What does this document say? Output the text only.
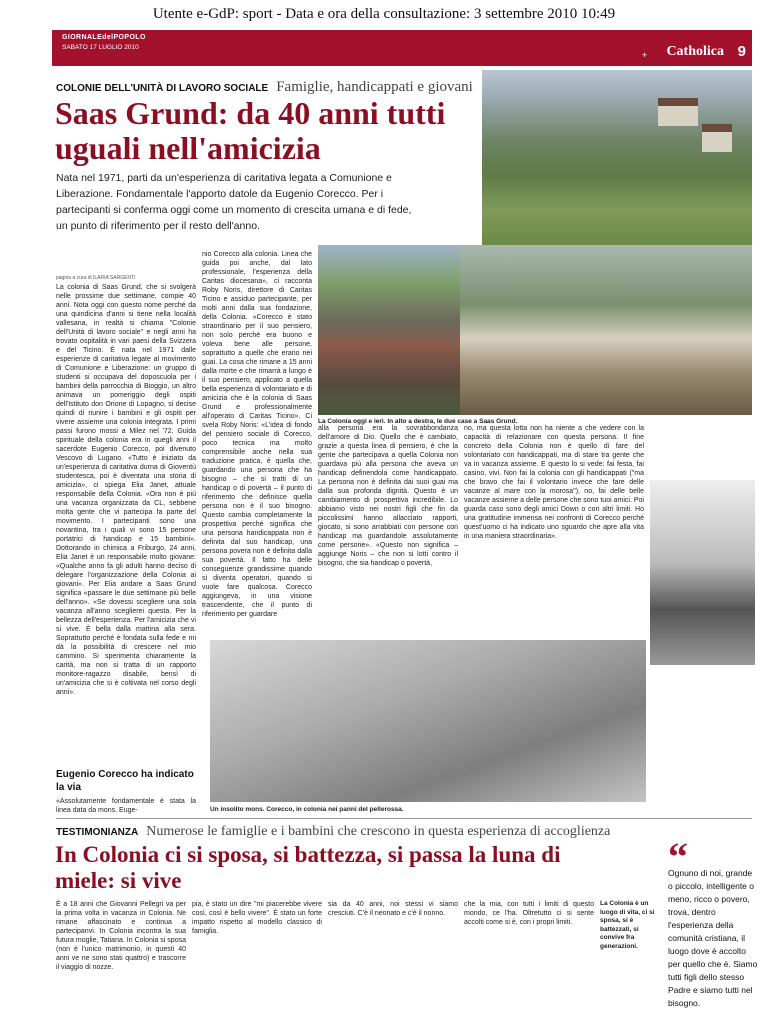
Utente e-GdP: sport - Data e ora della consultazione: 3 settembre 2010 10:49
GIORNALEdelPOPOLO
SABATO 17 LUGLIO 2010
+ Catholica 9
COLONIE DELL'UNITÀ DI LAVORO SOCIALE Famiglie, handicappati e giovani
Saas Grund: da 40 anni tutti uguali nell'amicizia

Nata nel 1971, parti da un'esperienza di caritativa legata a Comunione e Liberazione. Fondamentale l'apporto datole da Eugenio Corecco. Per i partecipanti si conferma oggi come un momento di crescita umana e di fede, un punto di riferimento per il resto dell'anno.

pagina a cura di ILARIA SARGENTI
La colonia di Saas Grund, che si svolgerà nelle prossime due settimane, compie 40 anni. Nota oggi con questo nome perché da una quindicina d'anni si tiene nella località vallesana, in realtà si chiama "Colonie dell'Unità di lavoro sociale" e negli anni ha trovato ospitalità in vari paesi della Svizzera e del Ticino. È nata nel 1971 dalle esperienze di caritativa legate al movimento di Comunione e Liberazione: un gruppo di studenti si occupava del doposcuola per i bambini della parrocchia di Bioggio, un altro animava un pomeriggio degli ospiti dell'Istituto don Orione di Lopagno, si decise quindi di riunire i bambini e gli ospiti per vivere assieme una colonia integrata. I primi passi furono mossi a Milez nel '72. Guida spirituale della colonia era in quegli anni il sacerdote Eugenio Corecco, poi divenuto Vescovo di Lugano. «Tutto è iniziato da un'esperienza di caritativa durna di Gioventù studentesca, poi è diventata una storia di amicizia», ci spiega Elia Janet, attuale responsabile della Colonia. «Ora non è più una vacanza organizzata da CL, sebbene molta gente che vi partecipa fa parte del movimento. I partecipanti sono una novantina, tra i quali vi sono 15 persone portatrici di handicap e 15 bambini». Dottorando in chimica a Friburgo, 24 anni, Elia Janet è un responsabile molto giovane: «Qualche anno fa gli adulti hanno deciso di delegare l'organizzazione della Colonia ai giovani». Per Elia andare a Saas Grund significa «passare le due settimane più belle dell'anno». «Se dovessi scegliere una sola vacanza all'anno sceglierei questa. Per la bellezza dell'esperienza. Per l'amicizia che vi si vive. È bella dalla mattina alla sera. Soprattutto perché è fondata sulla fede e mi dà la possibilità di crescere nel mio cammino. Si sperimenta chiaramente la carità, ma non si tratta di un rapporto monitore-ragazzo disabile, bensì di un'amicizia che si è coltivata nel corso degli anni».
nio Corecco alla colonia. Linea che guida poi anche, dal lato professionale, l'esperienza della Caritas diocesana», ci racconta Roby Noris, direttore di Caritas Ticino e assiduo partecipante, per molti anni dalla sua fondazione, della Colonia. «Corecco è stato straordinario per il suo pensiero, non solo perché era buono e voleva bene alle persone, soprattutto a quelle che erano nei guai. La cosa che rimane a 15 anni dalla morte e che rimarrà a lungo è il suo pensiero, applicato a quella bella esperienza di volontariato e di amicizia che è la colonia di Saas Grund e professionalmente all'operato di Caritas Ticino». Ci svela Roby Noris: «L'idea di fondo del pensiero sociale di Corecco, poco tecnica ma molto comprensibile anche nella sua traduzione pratica, è quella che, guardando una persona che ha bisogno – che si tratti di un handicap o di povertà – il punto di riferimento che definisce quella persona non è il suo bisogno. Questo cambia completamente la prospettiva perché significa che una persona handicappata non è definita dal suo handicap, una persona povera non è definita dalla sua povertà. Il fatto ha delle conseguenze grandissime quando si diventa operatori, quando si vuole fare qualcosa. Corecco aggiungeva, in una visione trascendente, che il punto di riferimento per guardare
alla persona era la sovrabbondanza dell'amore di Dio. Quello che è cambiato, grazie a questa linea di pensiero, è che la gente che partecipava a quella Colonia non guardava più alla persona che aveva un handicap definendola come handicappato. La persona non è definita dai suoi guai ma dalla sua profonda dignità. Questo è un cambiamento di prospettiva incredibile. Lo abbiamo visto nei nostri figli che fin da piccolissimi hanno allacciato rapporti, giocato, si sono arrabbiati con persone con handicap ma guardandole assolutamente come persone». «Questo non significa – aggiunge Noris – che non si lotti contro il bisogno, che sia handicap o povertà,
no, ma questa lotta non ha niente a che vedere con la capacità di relazionare con questa persona. Il fine concreto della Colonia non è quello di fare del volontariato con handicappati, ma di stare tra gente che va in vacanza assieme. E questo lo si vede: fai festa, fai casino, vivi. Non fai la colonia con gli handicappati ("ma che bravo che fai il volontario invece che fare delle vacanze al mare con la morosa"), no, fai delle belle vacanze assieme a delle persone che sono tuoi amici. Poi guarda caso sono degli amici Down o con altri limiti. Ho una gratitudine immensa nei confronti di Corecco perché quest'uomo ci ha indicato uno sguardo che apre alla vita in una maniera straordinaria».
La Colonia oggi e ieri. In alto a destra, le due case a Saas Grund.
Un insolito mons. Corecco, in colonia nei panni del pellerossa.
Eugenio Corecco ha indicato la via
«Assolutamente fondamentale è stata la linea data da mons. Euge-
TESTIMONIANZA Numerose le famiglie e i bambini che crescono in questa esperienza di accoglienza
In Colonia ci si sposa, si battezza, si passa la luna di miele: si vive
È a 18 anni che Giovanni Pellegri va per la prima volta in vacanza in Colonia. Ne rimane affascinato e continua a partecipanvi. In Colonia incontra la sua futura moglie, Tatiana. In Colonia si sposa (non è l'unico matrimonio, in questi 40 anni ve ne sono stati quattro) e trascorre il viaggio di nozze.
pia, è stato un dire "mi piacerebbe vivere così, così è bello vivere". È stato un forte impatto rispetto al modello classico di famiglia.
sia da 40 anni, noi stessi vi siamo cresciuti. C'è il neonato e c'è il nonno.
che la mia, con tutti i limiti di questo mondo, ce l'ha. Oltretutto ci si sente accolti come si è, con i propri limiti.
La Colonia è un luogo di vita, ci si sposa, si è battezzati, si convive fra generazioni.
“
Ognuno di noi, grande o piccolo, intelligente o meno, ricco o povero, trova, dentro l'esperienza della comunità cristiana, il luogo dove è accolto per quello che è. Siamo tutti figli dello stesso Padre e siamo tutti nel bisogno.
